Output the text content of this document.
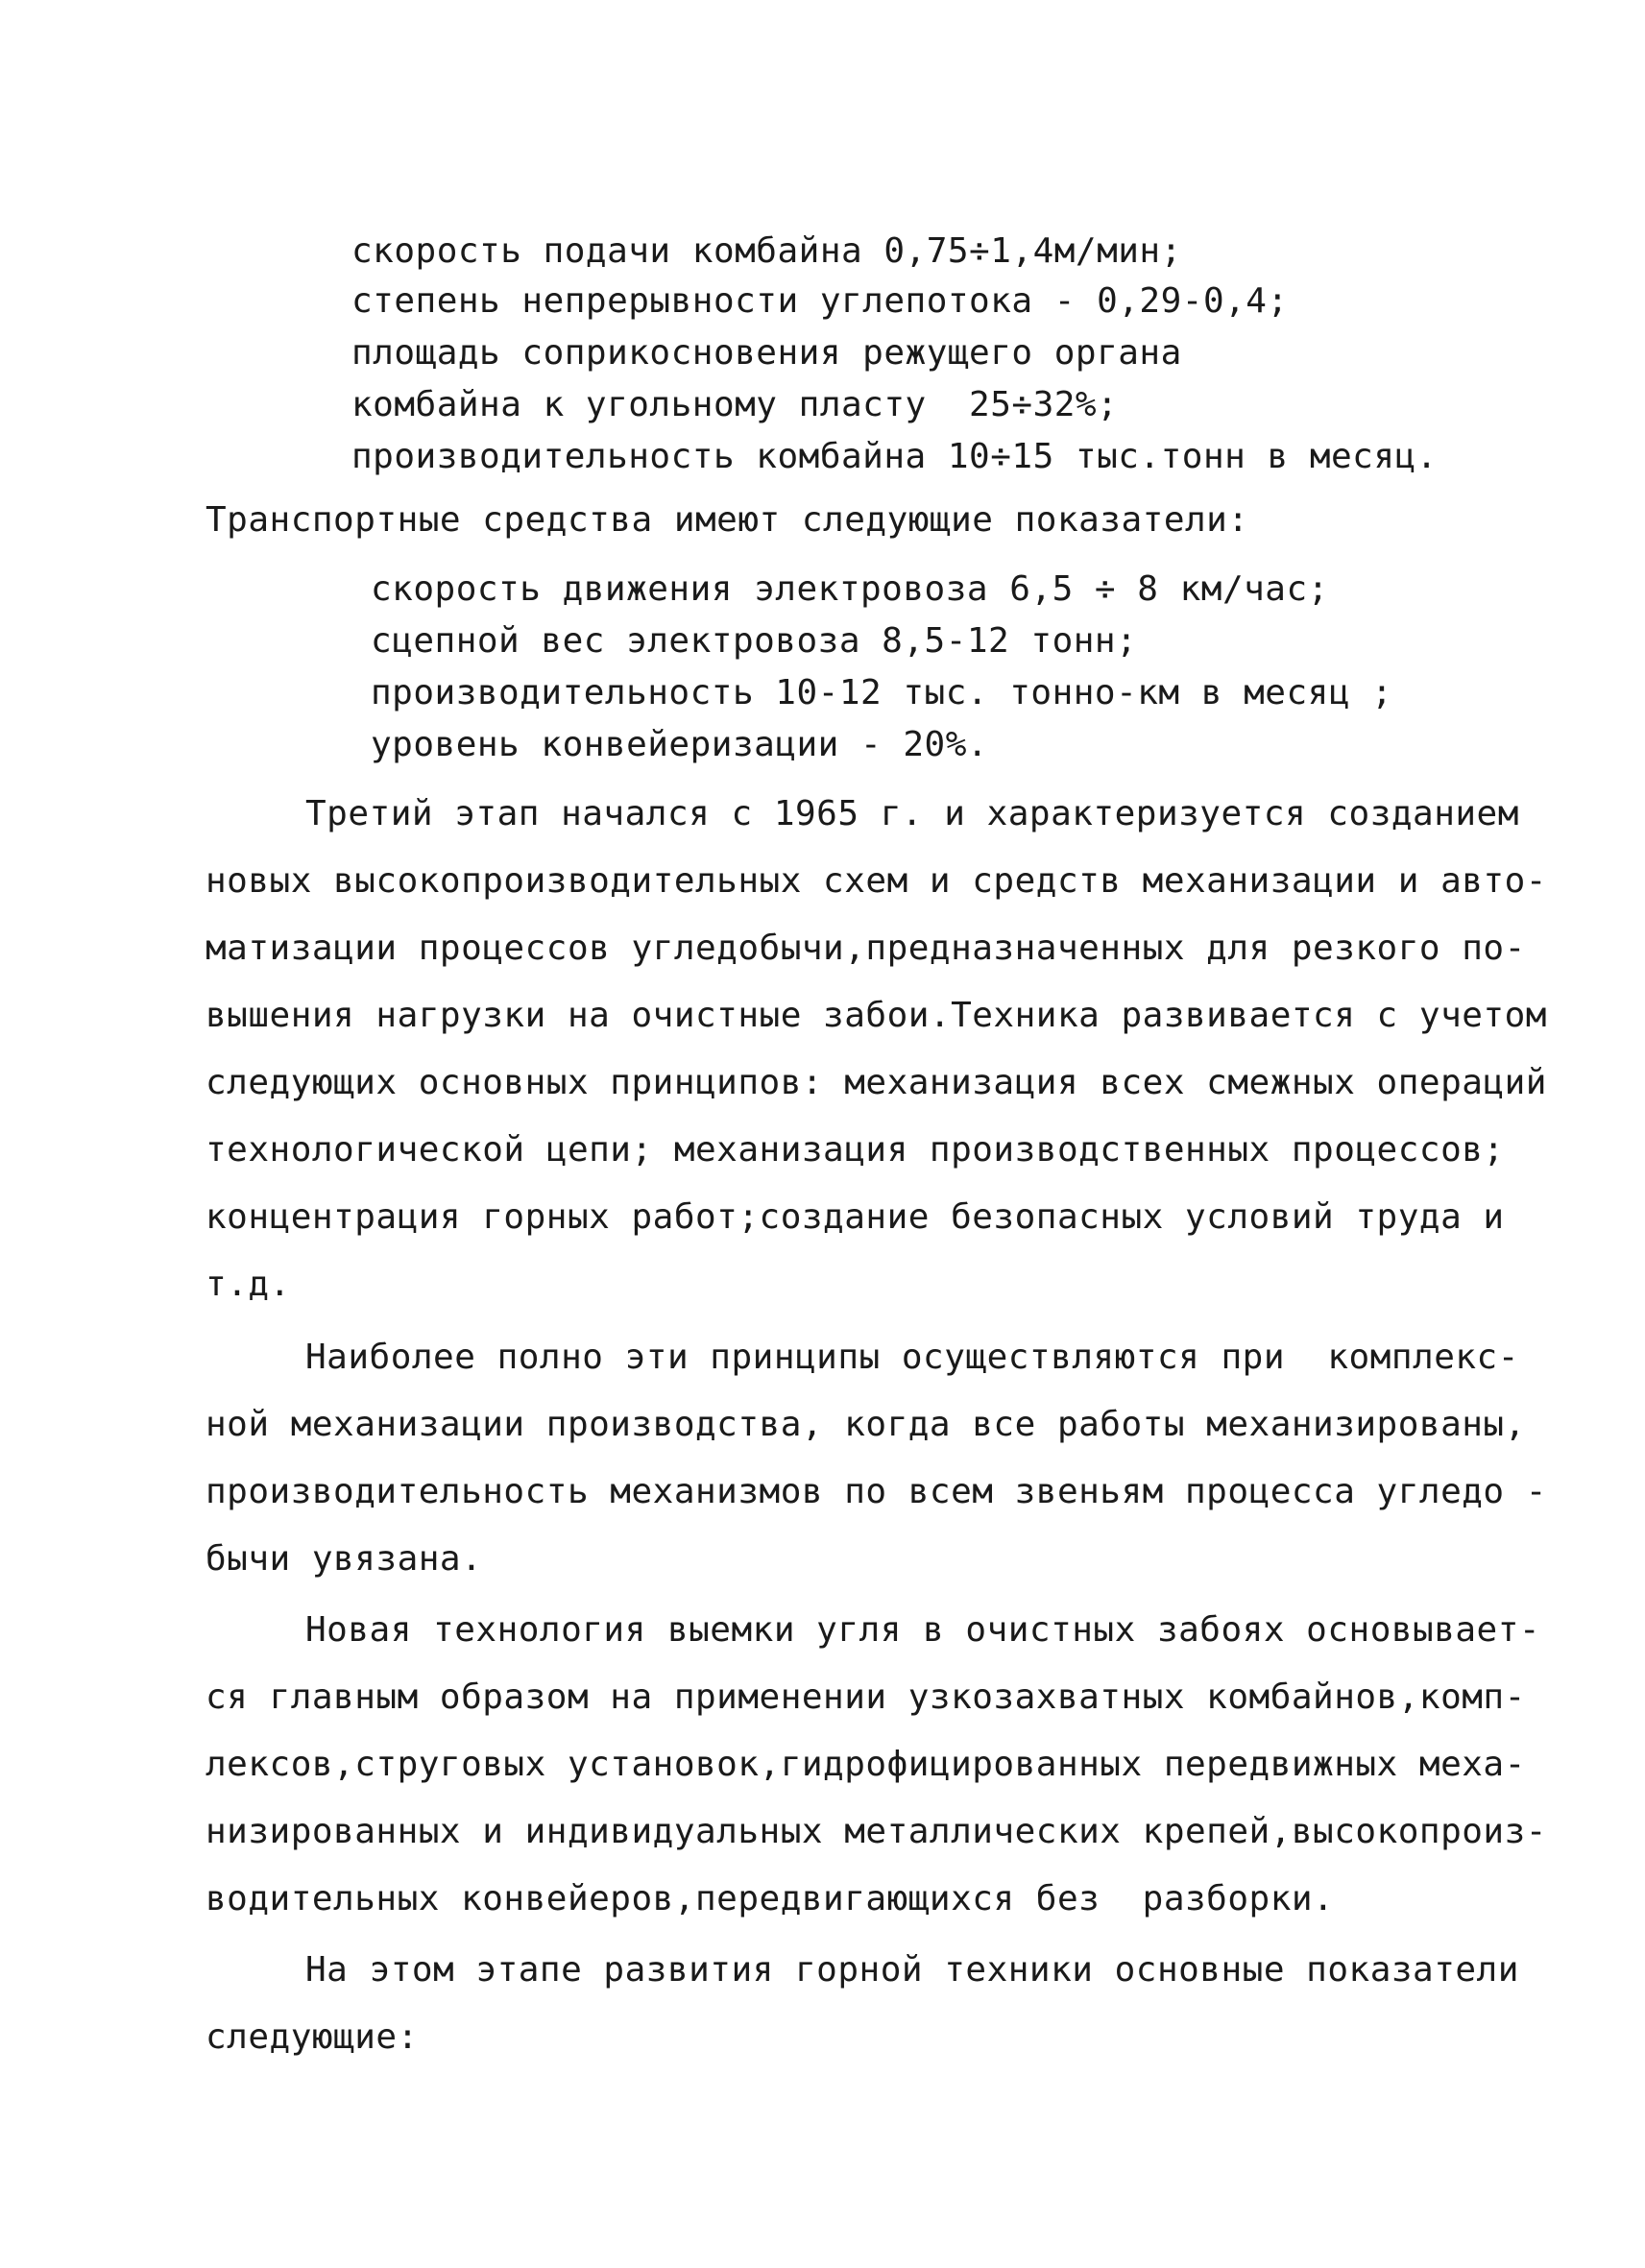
скорость подачи комбайна 0,75÷1,4м/мин;
степень непрерывности углепотока - 0,29-0,4;
площадь соприкосновения режущего органа
комбайна к угольному пласту  25÷32%;
производительность комбайна 10÷15 тыс.тонн в месяц.
Транспортные средства имеют следующие показатели:
скорость движения электровоза 6,5 ÷ 8 км/час;
сцепной вес электровоза 8,5-12 тонн;
производительность 10-12 тыс. тонно-км в месяц ;
уровень конвейеризации - 20%.
Третий этап начался с 1965 г. и характеризуется созданием
новых высокопроизводительных схем и средств механизации и авто-
матизации процессов угледобычи,предназначенных для резкого по-
вышения нагрузки на очистные забои.Техника развивается с учетом
следующих основных принципов: механизация всех смежных операций
технологической цепи; механизация производственных процессов;
концентрация горных работ;создание безопасных условий труда и
т.д.
Наиболее полно эти принципы осуществляются при  комплекс-
ной механизации производства, когда все работы механизированы,
производительность механизмов по всем звеньям процесса угледо -
бычи увязана.
Новая технология выемки угля в очистных забоях основывает-
ся главным образом на применении узкозахватных комбайнов,комп-
лексов,струговых установок,гидрофицированных передвижных меха-
низированных и индивидуальных металлических крепей,высокопроиз-
водительных конвейеров,передвигающихся без  разборки.
На этом этапе развития горной техники основные показатели
следующие:
